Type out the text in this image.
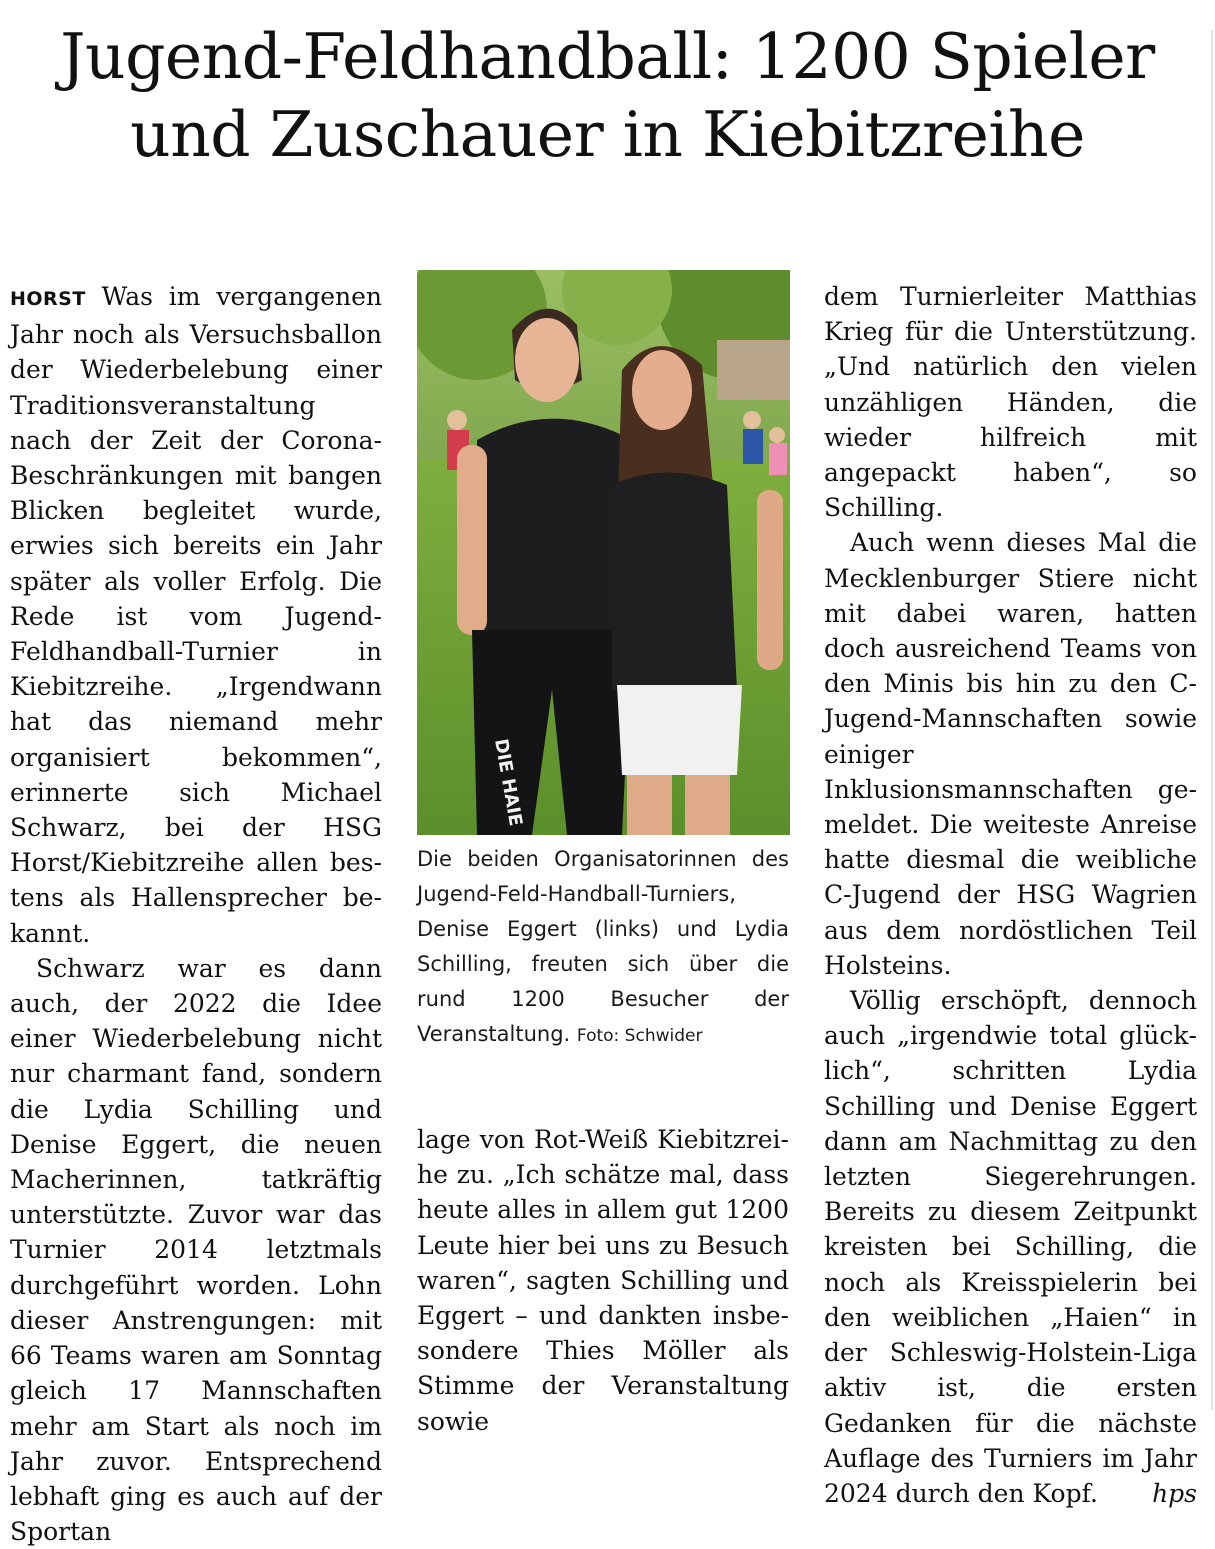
Jugend-Feldhandball: 1200 Spieler
und Zuschauer in Kiebitzreihe

HORST Was im vergangenen Jahr noch als Versuchsballon der Wiederbelebung einer Traditionsveranstaltung nach der Zeit der Corona-Beschränkungen mit bangen Blicken begleitet wurde, erwies sich bereits ein Jahr später als voller Erfolg. Die Rede ist vom Jugend-Feldhandball-Turnier in Kiebitzreihe. „Irgendwann hat das niemand mehr organisiert bekommen“, erinnerte sich Michael Schwarz, bei der HSG Horst/Kiebitzreihe allen bestens als Hallensprecher bekannt.

Schwarz war es dann auch, der 2022 die Idee einer Wiederbelebung nicht nur charmant fand, sondern die Lydia Schilling und Denise Eggert, die neuen Macherinnen, tatkräftig unterstützte. Zuvor war das Turnier 2014 letztmals durchgeführt worden. Lohn dieser Anstrengungen: mit 66 Teams waren am Sonntag gleich 17 Mannschaften mehr am Start als noch im Jahr zuvor. Entsprechend lebhaft ging es auch auf der Sportan

DIE HAIE
Die beiden Organisatorinnen des Jugend-Feld-Handball-Turniers, Denise Eggert (links) und Lydia Schilling, freuten sich über die rund 1200 Besucher der Veranstaltung. Foto: Schwider

lage von Rot-Weiß Kiebitzreihe zu. „Ich schätze mal, dass heute alles in allem gut 1200 Leute hier bei uns zu Besuch waren“, sagten Schilling und Eggert – und dankten insbesondere Thies Möller als Stimme der Veranstaltung sowie

dem Turnierleiter Matthias Krieg für die Unterstützung. „Und natürlich den vielen unzähligen Händen, die wieder hilfreich mit angepackt haben“, so Schilling.

Auch wenn dieses Mal die Mecklenburger Stiere nicht mit dabei waren, hatten doch ausreichend Teams von den Minis bis hin zu den C-Jugend-Mannschaften sowie einiger Inklusionsmannschaften gemeldet. Die weiteste Anreise hatte diesmal die weibliche C-Jugend der HSG Wagrien aus dem nordöstlichen Teil Holsteins.

Völlig erschöpft, dennoch auch „irgendwie total glücklich“, schritten Lydia Schilling und Denise Eggert dann am Nachmittag zu den letzten Siegerehrungen. Bereits zu diesem Zeitpunkt kreisten bei Schilling, die noch als Kreisspielerin bei den weiblichen „Haien“ in der Schleswig-Holstein-Liga aktiv ist, die ersten Gedanken für die nächste Auflage des Turniers im Jahr 2024 durch den Kopf.	hps
